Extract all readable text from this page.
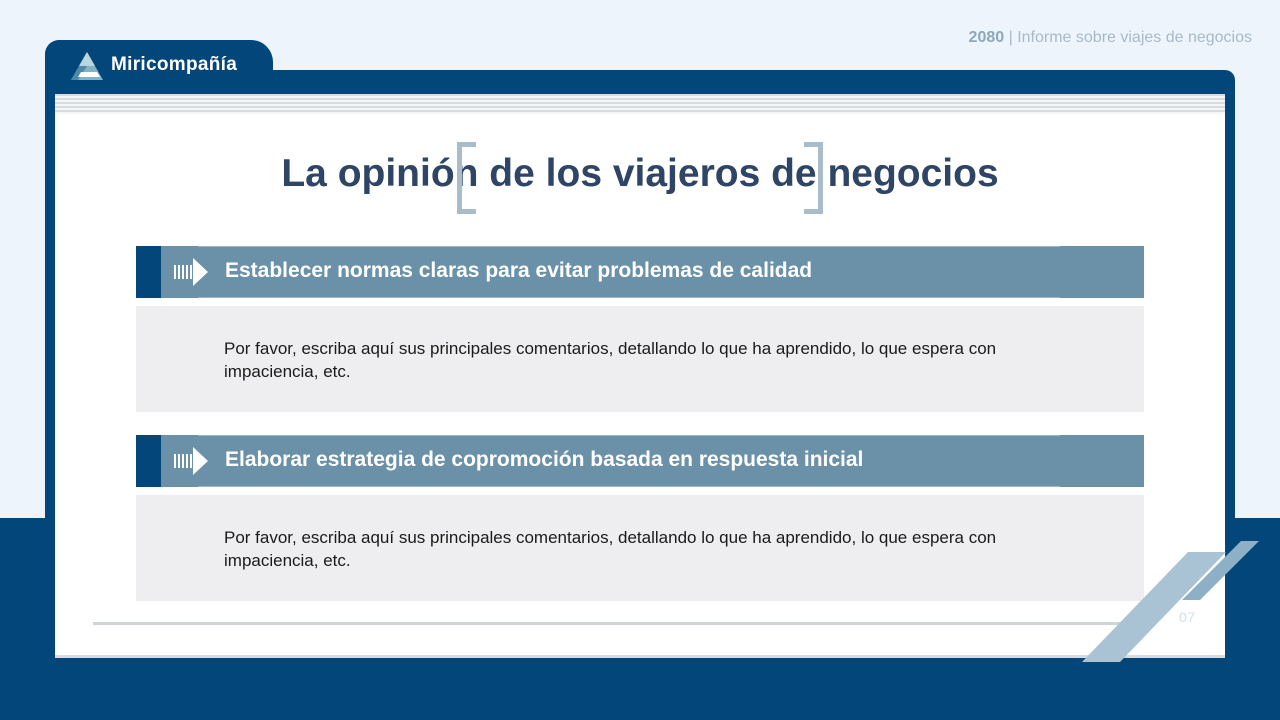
2080 | Informe sobre viajes de negocios
Miricompañía
La opinión de los viajeros de negocios
Establecer normas claras para evitar problemas de calidad
Por favor, escriba aquí sus principales comentarios, detallando lo que ha aprendido, lo que espera con impaciencia, etc.
Elaborar estrategia de copromoción basada en respuesta inicial
Por favor, escriba aquí sus principales comentarios, detallando lo que ha aprendido, lo que espera con impaciencia, etc.
07
